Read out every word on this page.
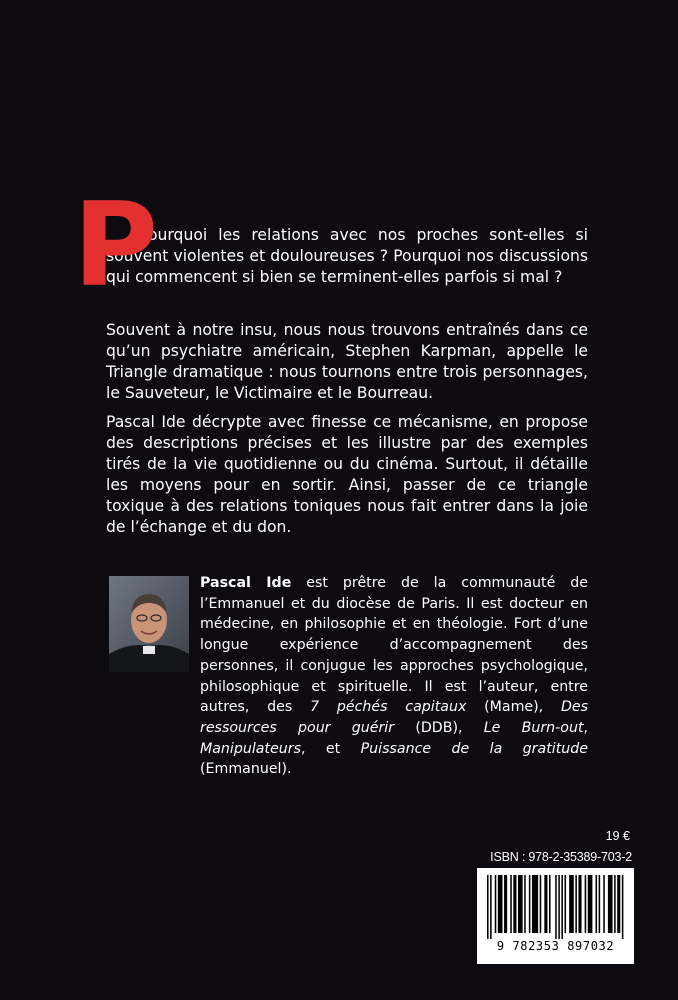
P

ourquoi les relations avec nos proches sont-elles si souvent violentes et douloureuses ? Pourquoi nos discussions qui commencent si bien se terminent-elles parfois si mal ?

Souvent à notre insu, nous nous trouvons entraînés dans ce qu’un psychiatre américain, Stephen Karpman, appelle le Triangle dramatique : nous tournons entre trois personnages, le Sauveteur, le Victimaire et le Bourreau.

Pascal Ide décrypte avec finesse ce mécanisme, en propose des descriptions précises et les illustre par des exemples tirés de la vie quotidienne ou du cinéma. Surtout, il détaille les moyens pour en sortir. Ainsi, passer de ce triangle toxique à des relations toniques nous fait entrer dans la joie de l’échange et du don.

Pascal Ide est prêtre de la communauté de l’Emmanuel et du diocèse de Paris. Il est docteur en médecine, en philosophie et en théologie. Fort d’une longue expérience d’accompagnement des personnes, il conjugue les approches psychologique, philosophique et spirituelle. Il est l’auteur, entre autres, des 7 péchés capitaux (Mame), Des ressources pour guérir (DDB), Le Burn-out, Manipulateurs, et Puissance de la gratitude (Emmanuel).
19 €
ISBN : 978-2-35389-703-2
9 782353 897032
